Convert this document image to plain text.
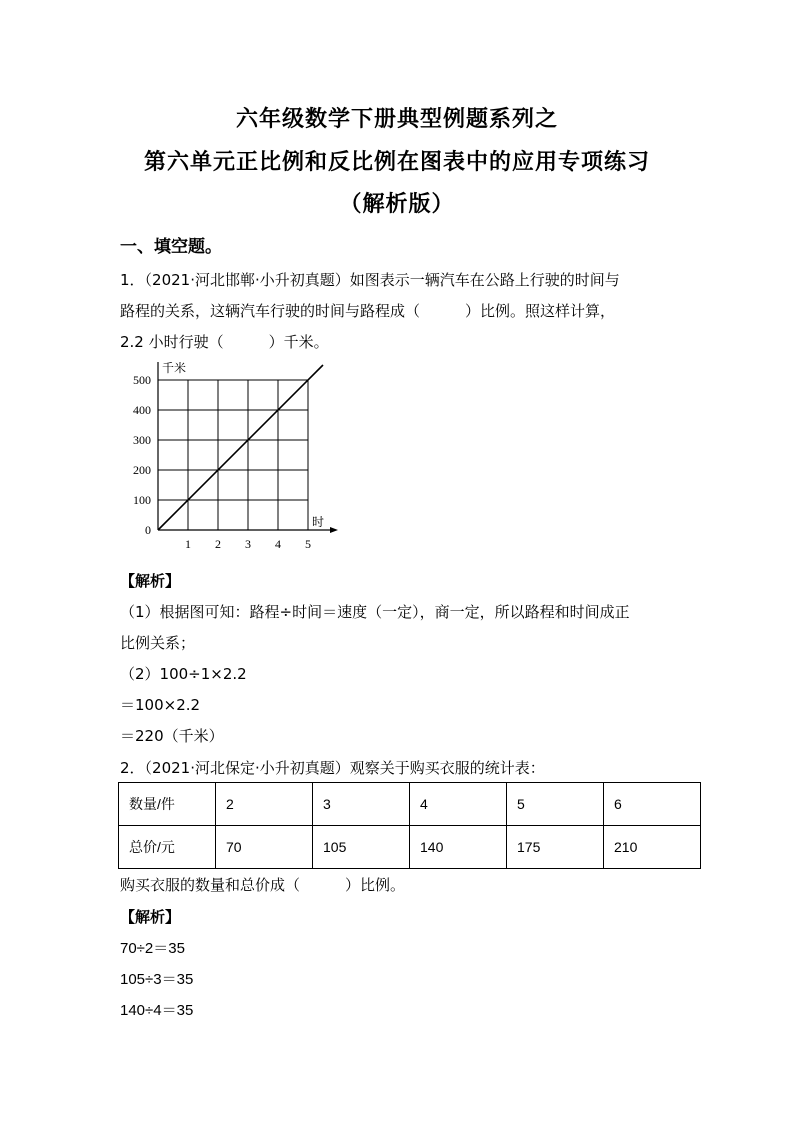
六年级数学下册典型例题系列之
第六单元正比例和反比例在图表中的应用专项练习
（解析版）
一、填空题。
1．（2021·河北邯郸·小升初真题）如图表示一辆汽车在公路上行驶的时间与
路程的关系，这辆汽车行驶的时间与路程成（　　　）比例。照这样计算，
2.2 小时行驶（　　　）千米。
1 2 3 4 5
500
400
300
200
100
0
千米
时
【解析】
（1）根据图可知：路程÷时间＝速度（一定），商一定，所以路程和时间成正
比例关系；
（2）100÷1×2.2
＝100×2.2
＝220（千米）
2．（2021·河北保定·小升初真题）观察关于购买衣服的统计表：
数量/件	2	3	4	5	6
总价/元	70	105	140	175	210
购买衣服的数量和总价成（　　　）比例。
【解析】
70÷2＝35
105÷3＝35
140÷4＝35
